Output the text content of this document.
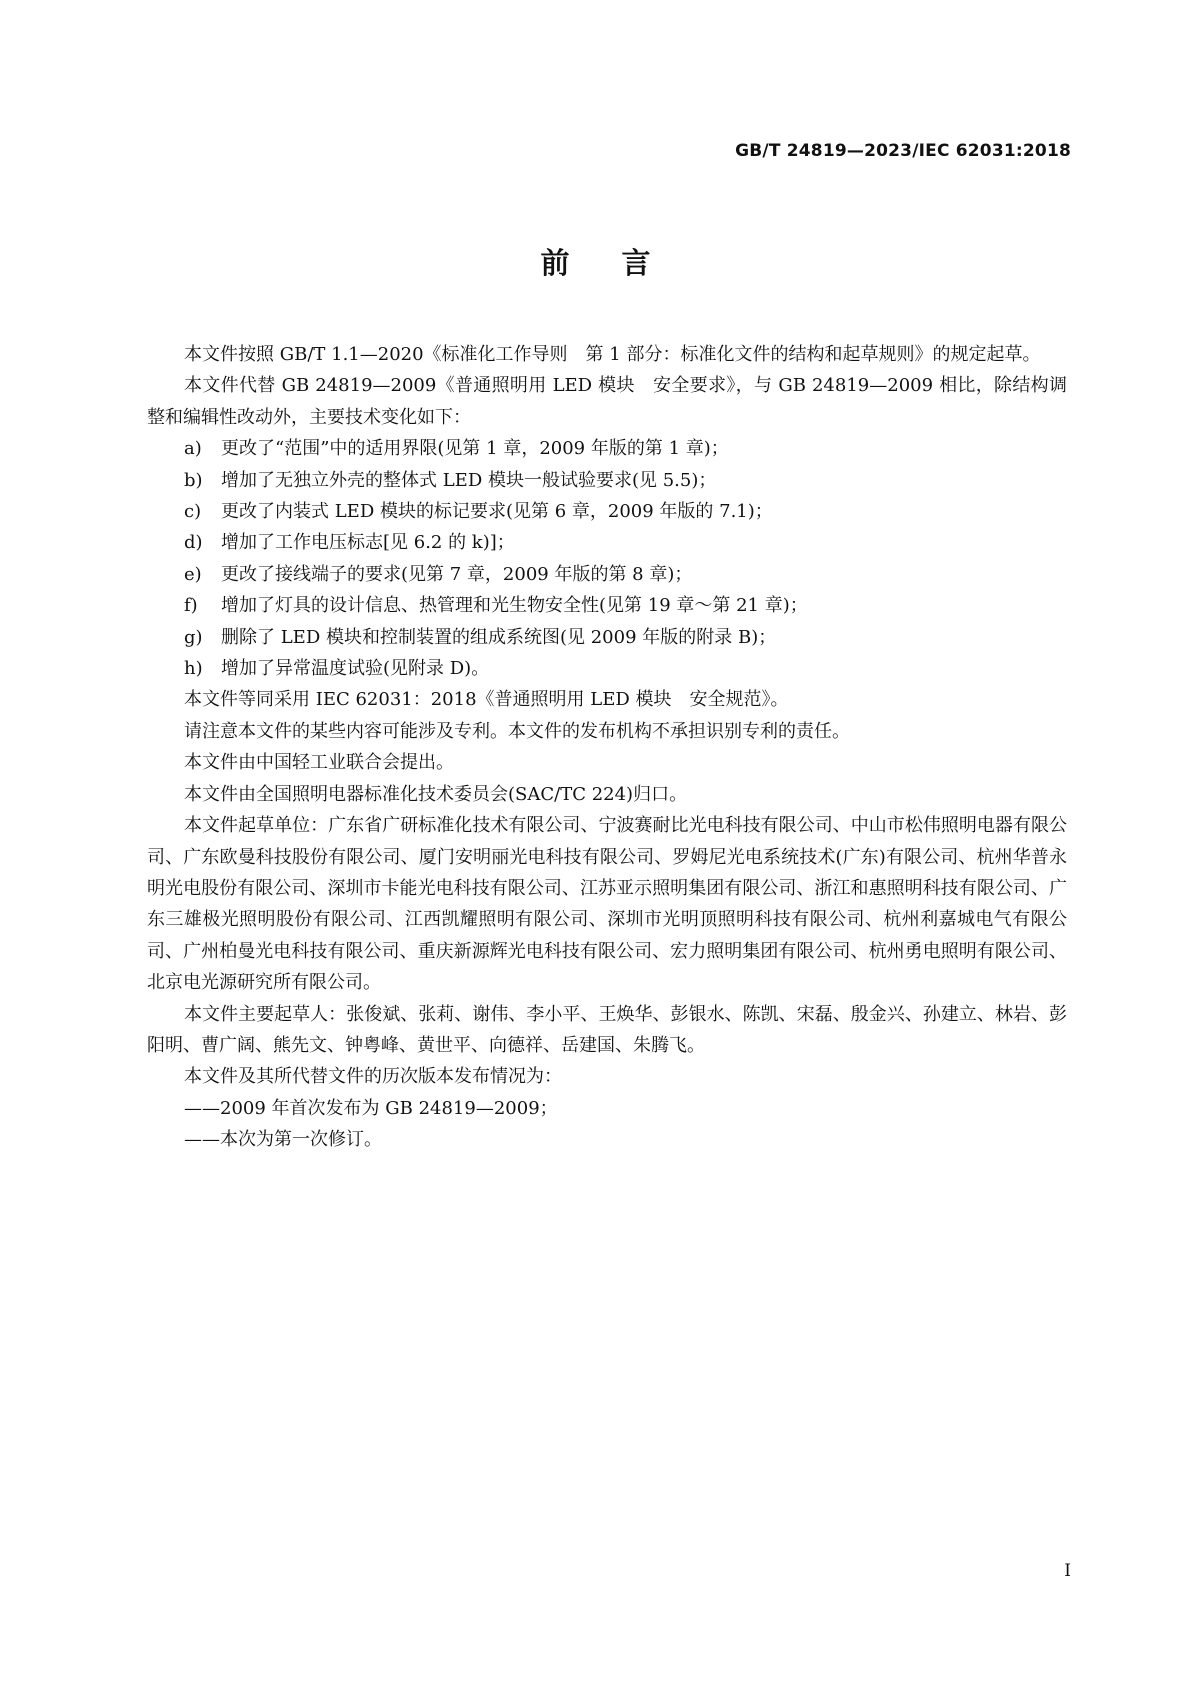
GB/T 24819—2023/IEC 62031:2018
前言

本文件按照 GB/T 1.1—2020《标准化工作导则　第 1 部分：标准化文件的结构和起草规则》的规定起草。

本文件代替 GB 24819—2009《普通照明用 LED 模块　安全要求》，与 GB 24819—2009 相比，除结构调整和编辑性改动外，主要技术变化如下：

a) 更改了“范围”中的适用界限(见第 1 章，2009 年版的第 1 章)；

b) 增加了无独立外壳的整体式 LED 模块一般试验要求(见 5.5)；

c) 更改了内装式 LED 模块的标记要求(见第 6 章，2009 年版的 7.1)；

d) 增加了工作电压标志[见 6.2 的 k)]；

e) 更改了接线端子的要求(见第 7 章，2009 年版的第 8 章)；

f) 增加了灯具的设计信息、热管理和光生物安全性(见第 19 章～第 21 章)；

g) 删除了 LED 模块和控制装置的组成系统图(见 2009 年版的附录 B)；

h) 增加了异常温度试验(见附录 D)。

本文件等同采用 IEC 62031：2018《普通照明用 LED 模块　安全规范》。

请注意本文件的某些内容可能涉及专利。本文件的发布机构不承担识别专利的责任。

本文件由中国轻工业联合会提出。

本文件由全国照明电器标准化技术委员会(SAC/TC 224)归口。

本文件起草单位：广东省广研标准化技术有限公司、宁波赛耐比光电科技有限公司、中山市松伟照明电器有限公司、广东欧曼科技股份有限公司、厦门安明丽光电科技有限公司、罗姆尼光电系统技术(广东)有限公司、杭州华普永明光电股份有限公司、深圳市卡能光电科技有限公司、江苏亚示照明集团有限公司、浙江和惠照明科技有限公司、广东三雄极光照明股份有限公司、江西凯耀照明有限公司、深圳市光明顶照明科技有限公司、杭州利嘉城电气有限公司、广州柏曼光电科技有限公司、重庆新源辉光电科技有限公司、宏力照明集团有限公司、杭州勇电照明有限公司、北京电光源研究所有限公司。

本文件主要起草人：张俊斌、张莉、谢伟、李小平、王焕华、彭银水、陈凯、宋磊、殷金兴、孙建立、林岩、彭阳明、曹广阔、熊先文、钟粤峰、黄世平、向德祥、岳建国、朱腾飞。

本文件及其所代替文件的历次版本发布情况为：

——2009 年首次发布为 GB 24819—2009；

——本次为第一次修订。

I
